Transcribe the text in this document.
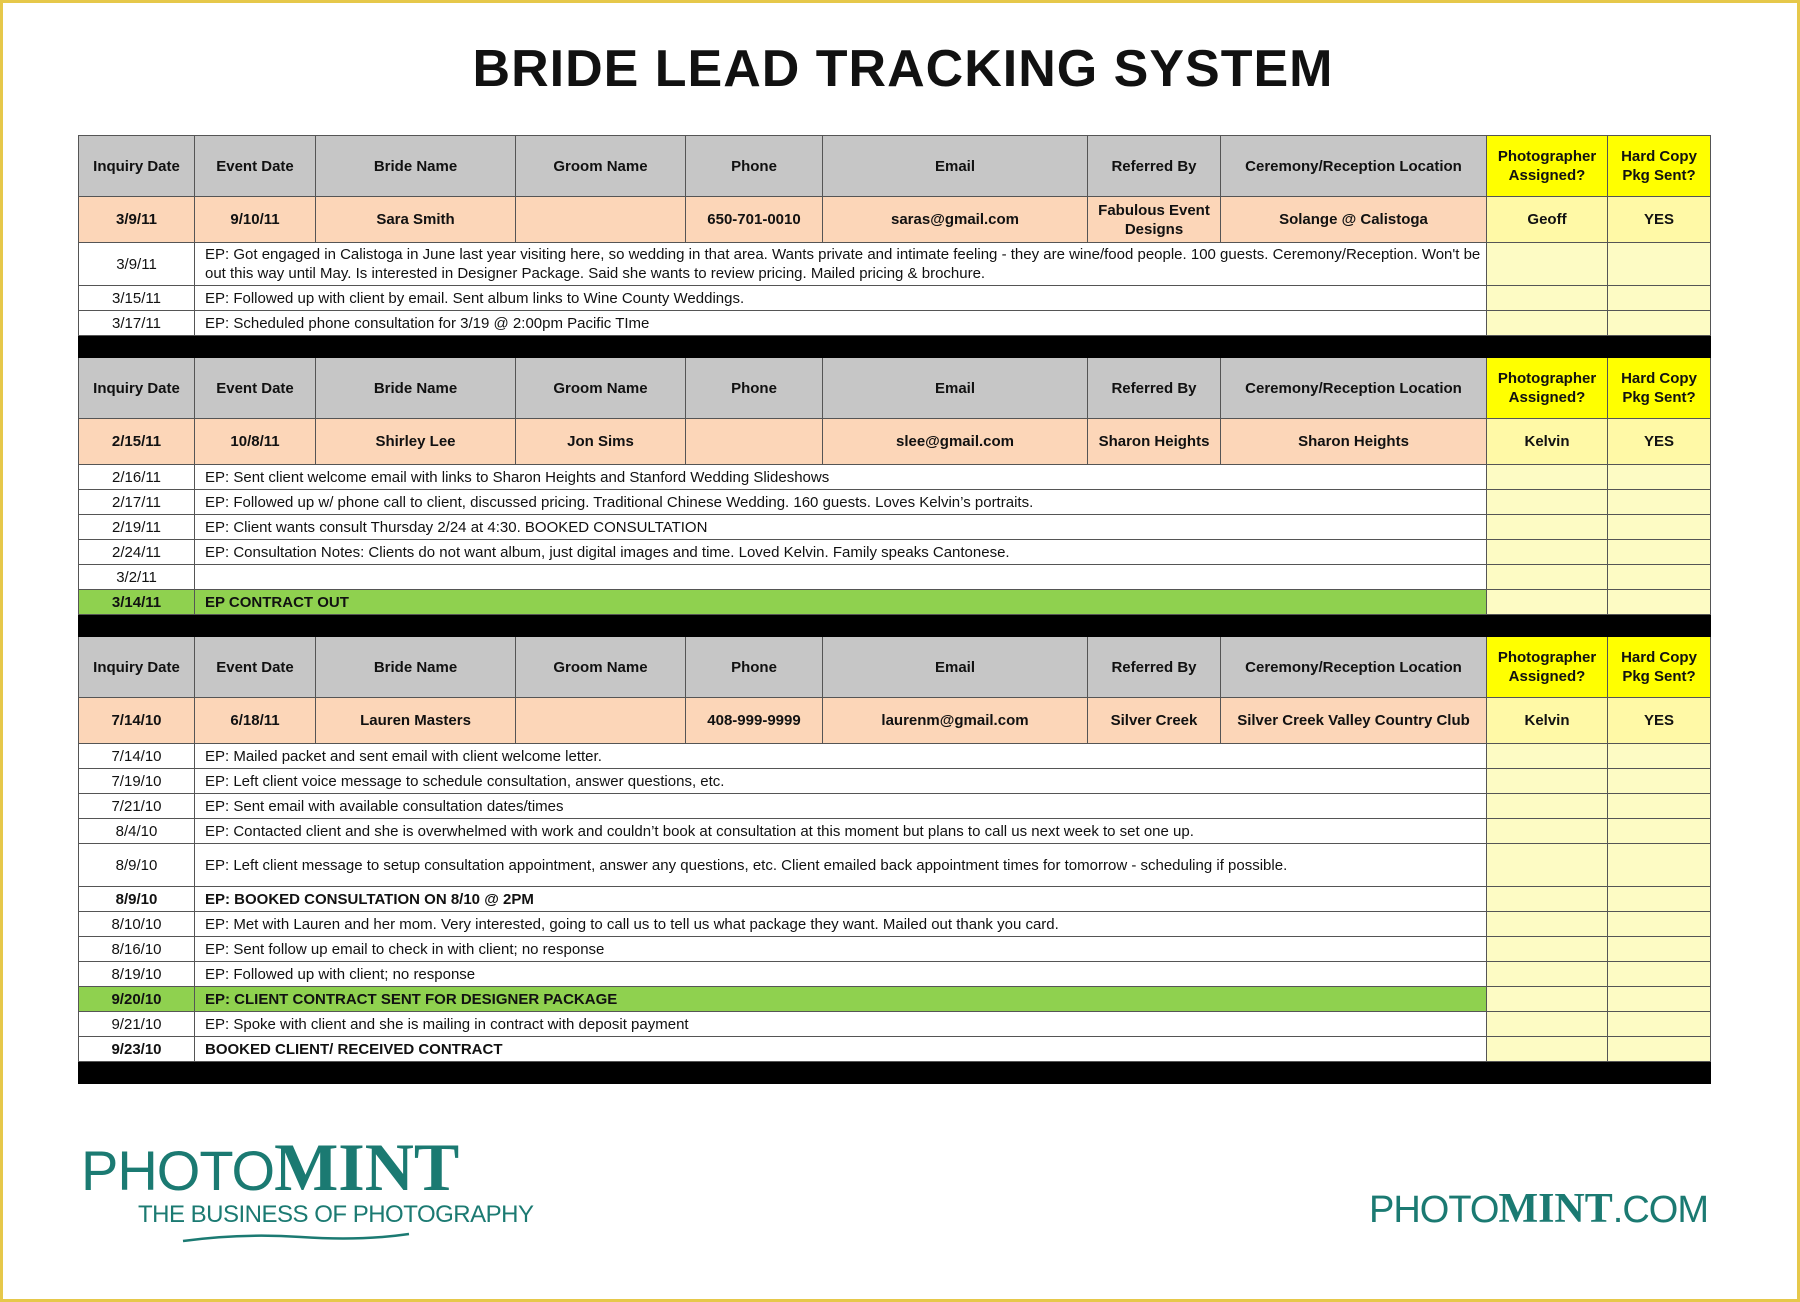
BRIDE LEAD TRACKING SYSTEM
Inquiry Date	Event Date	Bride Name	Groom Name	Phone	Email	Referred By	Ceremony/Reception Location	Photographer Assigned?	Hard Copy Pkg Sent?
3/9/11	9/10/11	Sara Smith		650-701-0010	saras@gmail.com	Fabulous Event Designs	Solange @ Calistoga	Geoff	YES
3/9/11	EP: Got engaged in Calistoga in June last year visiting here, so wedding in that area. Wants private and intimate feeling - they are wine/food people. 100 guests. Ceremony/Reception. Won't be out this way until May. Is interested in Designer Package. Said she wants to review pricing. Mailed pricing & brochure.								
3/15/11	EP: Followed up with client by email. Sent album links to Wine County Weddings.								
3/17/11	EP: Scheduled phone consultation for 3/19 @ 2:00pm Pacific TIme								

Inquiry Date	Event Date	Bride Name	Groom Name	Phone	Email	Referred By	Ceremony/Reception Location	Photographer Assigned?	Hard Copy Pkg Sent?
2/15/11	10/8/11	Shirley Lee	Jon Sims		slee@gmail.com	Sharon Heights	Sharon Heights	Kelvin	YES
2/16/11	EP: Sent client welcome email with links to Sharon Heights and Stanford Wedding Slideshows								
2/17/11	EP: Followed up w/ phone call to client, discussed pricing. Traditional Chinese Wedding. 160 guests. Loves Kelvin’s portraits.								
2/19/11	EP: Client wants consult Thursday 2/24 at 4:30. BOOKED CONSULTATION								
2/24/11	EP: Consultation Notes: Clients do not want album, just digital images and time. Loved Kelvin. Family speaks Cantonese.								
3/2/11									
3/14/11	EP CONTRACT OUT								

Inquiry Date	Event Date	Bride Name	Groom Name	Phone	Email	Referred By	Ceremony/Reception Location	Photographer Assigned?	Hard Copy Pkg Sent?
7/14/10	6/18/11	Lauren Masters		408-999-9999	laurenm@gmail.com	Silver Creek	Silver Creek Valley Country Club	Kelvin	YES
7/14/10	EP: Mailed packet and sent email with client welcome letter.								
7/19/10	EP: Left client voice message to schedule consultation, answer questions, etc.								
7/21/10	EP: Sent email with available consultation dates/times								
8/4/10	EP: Contacted client and she is overwhelmed with work and couldn’t book at consultation at this moment but plans to call us next week to set one up.								
8/9/10	EP: Left client message to setup consultation appointment, answer any questions, etc. Client emailed back appointment times for tomorrow - scheduling if possible.								
8/9/10	EP: BOOKED CONSULTATION ON 8/10 @ 2PM								
8/10/10	EP: Met with Lauren and her mom. Very interested, going to call us to tell us what package they want. Mailed out thank you card.								
8/16/10	EP: Sent follow up email to check in with client; no response								
8/19/10	EP: Followed up with client; no response								
9/20/10	EP: CLIENT CONTRACT SENT FOR DESIGNER PACKAGE								
9/21/10	EP: Spoke with client and she is mailing in contract with deposit payment								
9/23/10	BOOKED CLIENT/ RECEIVED CONTRACT								

PHOTOMINT
THE BUSINESS OF PHOTOGRAPHY	PHOTOMINT.COM
